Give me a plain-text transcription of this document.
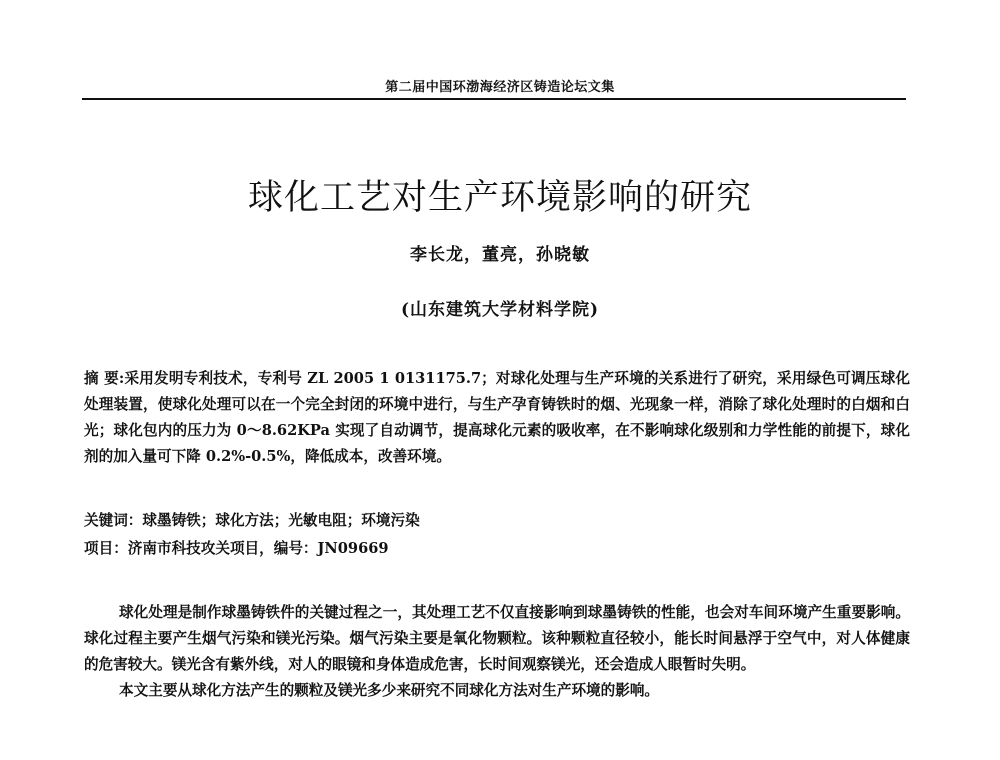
第二届中国环渤海经济区铸造论坛文集
球化工艺对生产环境影响的研究
李长龙，董亮，孙晓敏
(山东建筑大学材料学院)
摘 要:采用发明专利技术，专利号 ZL 2005 1 0131175.7；对球化处理与生产环境的关系进行了研究，采用绿色可调压球化处理装置，使球化处理可以在一个完全封闭的环境中进行，与生产孕育铸铁时的烟、光现象一样，消除了球化处理时的白烟和白光；球化包内的压力为 0～8.62KPa 实现了自动调节，提高球化元素的吸收率，在不影响球化级别和力学性能的前提下，球化剂的加入量可下降 0.2%-0.5%，降低成本，改善环境。
关键词：球墨铸铁；球化方法；光敏电阻；环境污染
项目：济南市科技攻关项目，编号：JN09669

球化处理是制作球墨铸铁件的关键过程之一，其处理工艺不仅直接影响到球墨铸铁的性能，也会对车间环境产生重要影响。球化过程主要产生烟气污染和镁光污染。烟气污染主要是氧化物颗粒。该种颗粒直径较小，能长时间悬浮于空气中，对人体健康的危害较大。镁光含有紫外线，对人的眼镜和身体造成危害，长时间观察镁光，还会造成人眼暂时失明。

本文主要从球化方法产生的颗粒及镁光多少来研究不同球化方法对生产环境的影响。
